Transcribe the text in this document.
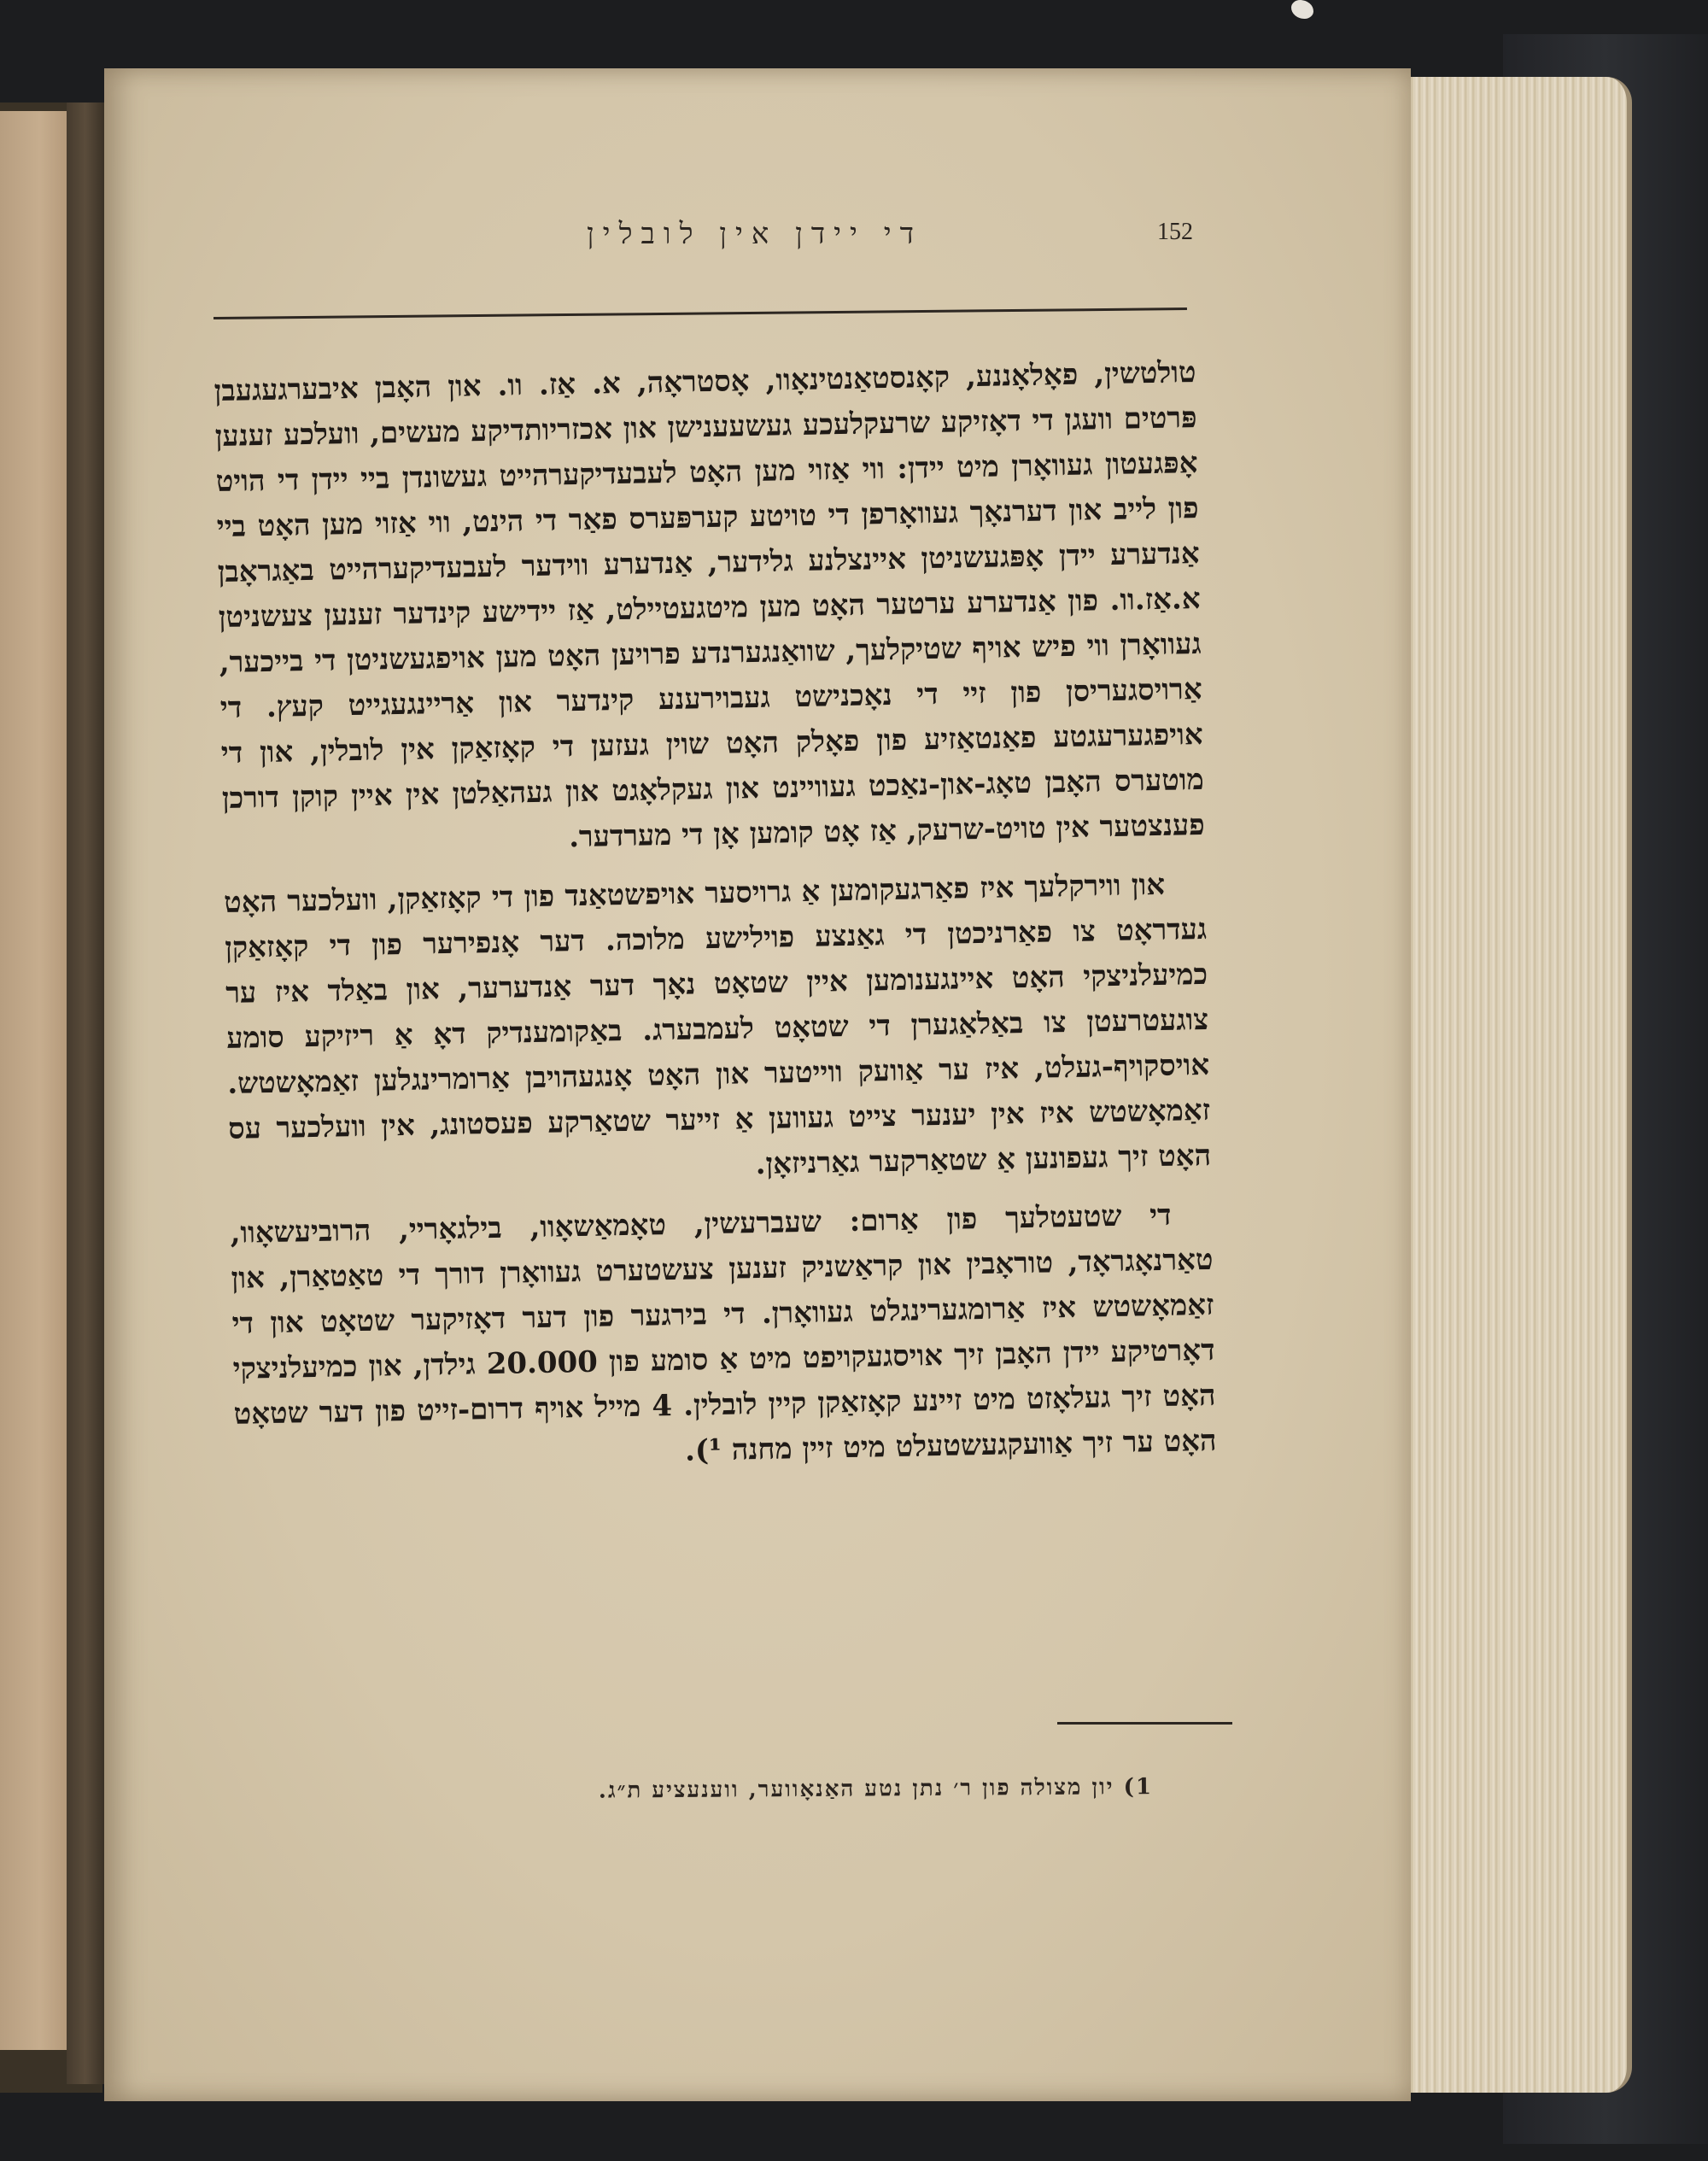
די יידן אין לובלין	152

טולטשין, פאָלאָננע, קאָנסטאַנטינאָוו, אָסטראָה, א. אַז. וו. און האָבן איבערגעגעבן פּרטים וועגן די דאָזיקע שרעקלעכע געשעענישן און אכזריותדיקע מעשים, וועלכע זענען אָפּגעטון געוואָרן מיט יידן: ווי אַזוי מען האָט לעבעדיקערהייט געשונדן ביי יידן די הויט פון לייב און דערנאָך געוואָרפן די טויטע קערפּערס פאַר די הינט, ווי אַזוי מען האָט ביי אַנדערע יידן אָפּגעשניטן איינצלנע גלידער, אַנדערע ווידער לעבעדיקערהייט באַגראָבן א.אַז.וו. פון אַנדערע ערטער האָט מען מיטגעטיילט, אַז יידישע קינדער זענען צעשניטן געוואָרן ווי פיש אויף שטיקלעך, שוואַנגערנדע פרויען האָט מען אויפגעשניטן די בייכער, אַרויסגעריסן פון זיי די נאָכנישט געבוירענע קינדער און אַריינגעגייט קעץ. די אויפגערעגטע פאַנטאַזיע פון פאָלק האָט שוין געזען די קאָזאַקן אין לובלין, און די מוטערס האָבן טאָג-און-נאַכט געוויינט און געקלאָגט און געהאַלטן אין איין קוקן דורכן פענצטער אין טויט-שרעק, אַז אָט קומען אָן די מערדער.

און ווירקלעך איז פאַרגעקומען אַ גרויסער אויפשטאַנד פון די קאָזאַקן, וועלכער האָט געדראָט צו פאַרניכטן די גאַנצע פוילישע מלוכה. דער אָנפירער פון די קאָזאַקן כמיעלניצקי האָט איינגענומען איין שטאָט נאָך דער אַנדערער, און באַלד איז ער צוגעטרעטן צו באַלאַגערן די שטאָט לעמבערג. באַקומענדיק דאָ אַ ריזיקע סומע אויסקויף-געלט, איז ער אַוועק ווייטער און האָט אָנגעהויבן אַרומרינגלען זאַמאָשטש. זאַמאָשטש איז אין יענער צייט געווען אַ זייער שטאַרקע פעסטונג, אין וועלכער עס האָט זיך געפונען אַ שטאַרקער גאַרניזאָן.

די שטעטלעך פון אַרום: שעברעשין, טאָמאַשאָוו, בילגאָריי, הרוביעשאָוו, טאַרנאָגראָד, טוראָבין און קראַשניק זענען צעשטערט געוואָרן דורך די טאַטאַרן, און זאַמאָשטש איז אַרומגערינגלט געוואָרן. די בירגער פון דער דאָזיקער שטאָט און די דאָרטיקע יידן האָבן זיך אויסגעקויפט מיט אַ סומע פון 20.000 גילדן, און כמיעלניצקי האָט זיך געלאָזט מיט זיינע קאָזאַקן קיין לובלין. 4 מייל אויף דרום-זייט פון דער שטאָט האָט ער זיך אַוועקגעשטעלט מיט זיין מחנה ¹).

1) יון מצולה פון ר׳ נתן נטע האַנאָווער, ווענעציע ת״ג.
